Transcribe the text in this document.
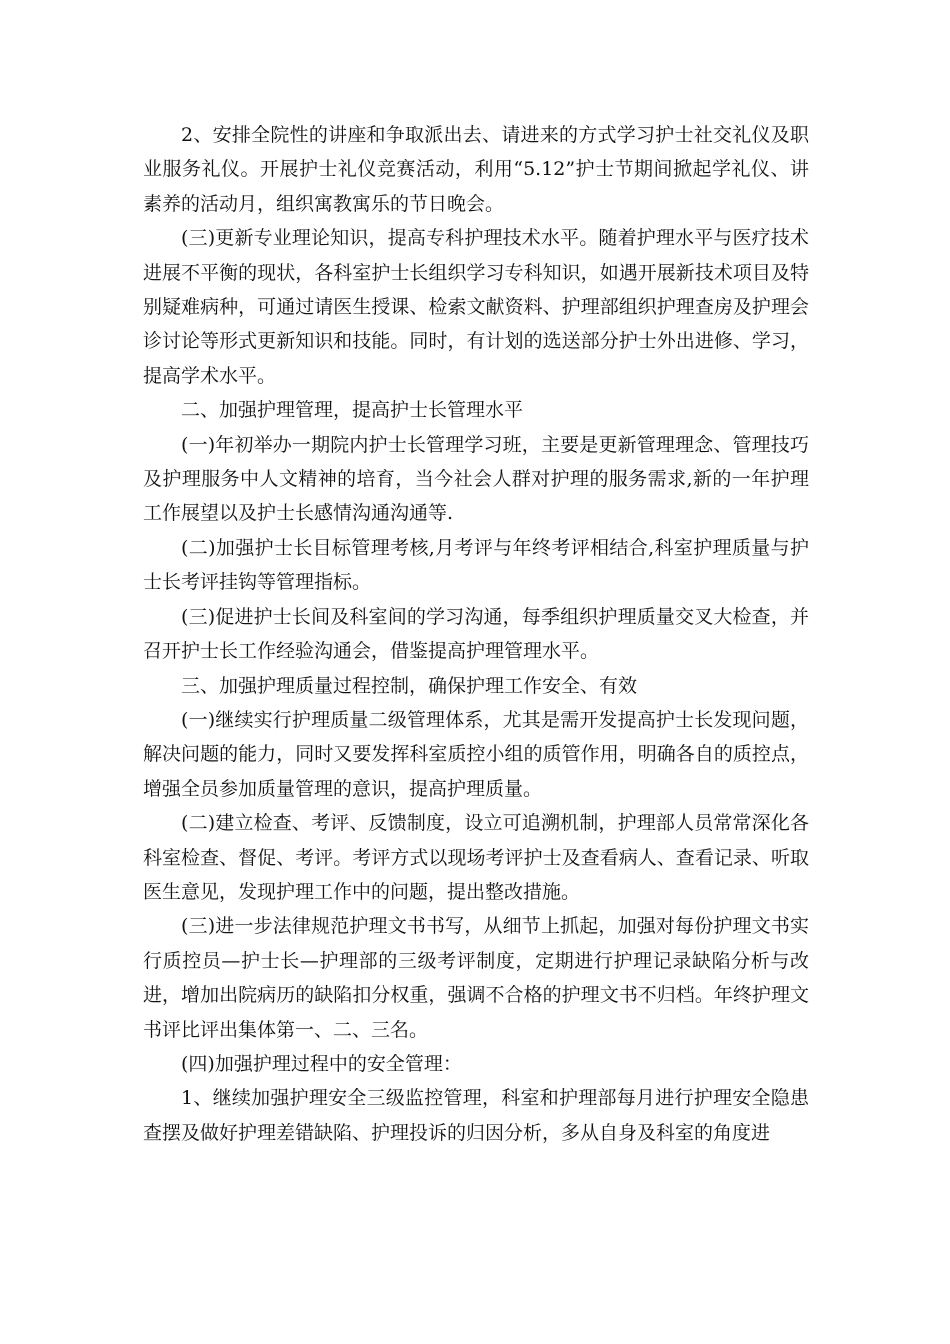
2、安排全院性的讲座和争取派出去、请进来的方式学习护士社交礼仪及职业服务礼仪。开展护士礼仪竞赛活动，利用“5.12”护士节期间掀起学礼仪、讲素养的活动月，组织寓教寓乐的节日晚会。

(三)更新专业理论知识，提高专科护理技术水平。随着护理水平与医疗技术进展不平衡的现状，各科室护士长组织学习专科知识，如遇开展新技术项目及特别疑难病种，可通过请医生授课、检索文献资料、护理部组织护理查房及护理会诊讨论等形式更新知识和技能。同时，有计划的选送部分护士外出进修、学习，提高学术水平。

二、加强护理管理，提高护士长管理水平

(一)年初举办一期院内护士长管理学习班，主要是更新管理理念、管理技巧及护理服务中人文精神的培育，当今社会人群对护理的服务需求,新的一年护理工作展望以及护士长感情沟通沟通等.

(二)加强护士长目标管理考核,月考评与年终考评相结合,科室护理质量与护士长考评挂钩等管理指标。

(三)促进护士长间及科室间的学习沟通，每季组织护理质量交叉大检查，并召开护士长工作经验沟通会，借鉴提高护理管理水平。

三、加强护理质量过程控制，确保护理工作安全、有效

(一)继续实行护理质量二级管理体系，尤其是需开发提高护士长发现问题，解决问题的能力，同时又要发挥科室质控小组的质管作用，明确各自的质控点，增强全员参加质量管理的意识，提高护理质量。

(二)建立检查、考评、反馈制度，设立可追溯机制，护理部人员常常深化各科室检查、督促、考评。考评方式以现场考评护士及查看病人、查看记录、听取医生意见，发现护理工作中的问题，提出整改措施。

(三)进一步法律规范护理文书书写，从细节上抓起，加强对每份护理文书实行质控员—护士长—护理部的三级考评制度，定期进行护理记录缺陷分析与改进，增加出院病历的缺陷扣分权重，强调不合格的护理文书不归档。年终护理文书评比评出集体第一、二、三名。

(四)加强护理过程中的安全管理：

1、继续加强护理安全三级监控管理，科室和护理部每月进行护理安全隐患查摆及做好护理差错缺陷、护理投诉的归因分析，多从自身及科室的角度进
